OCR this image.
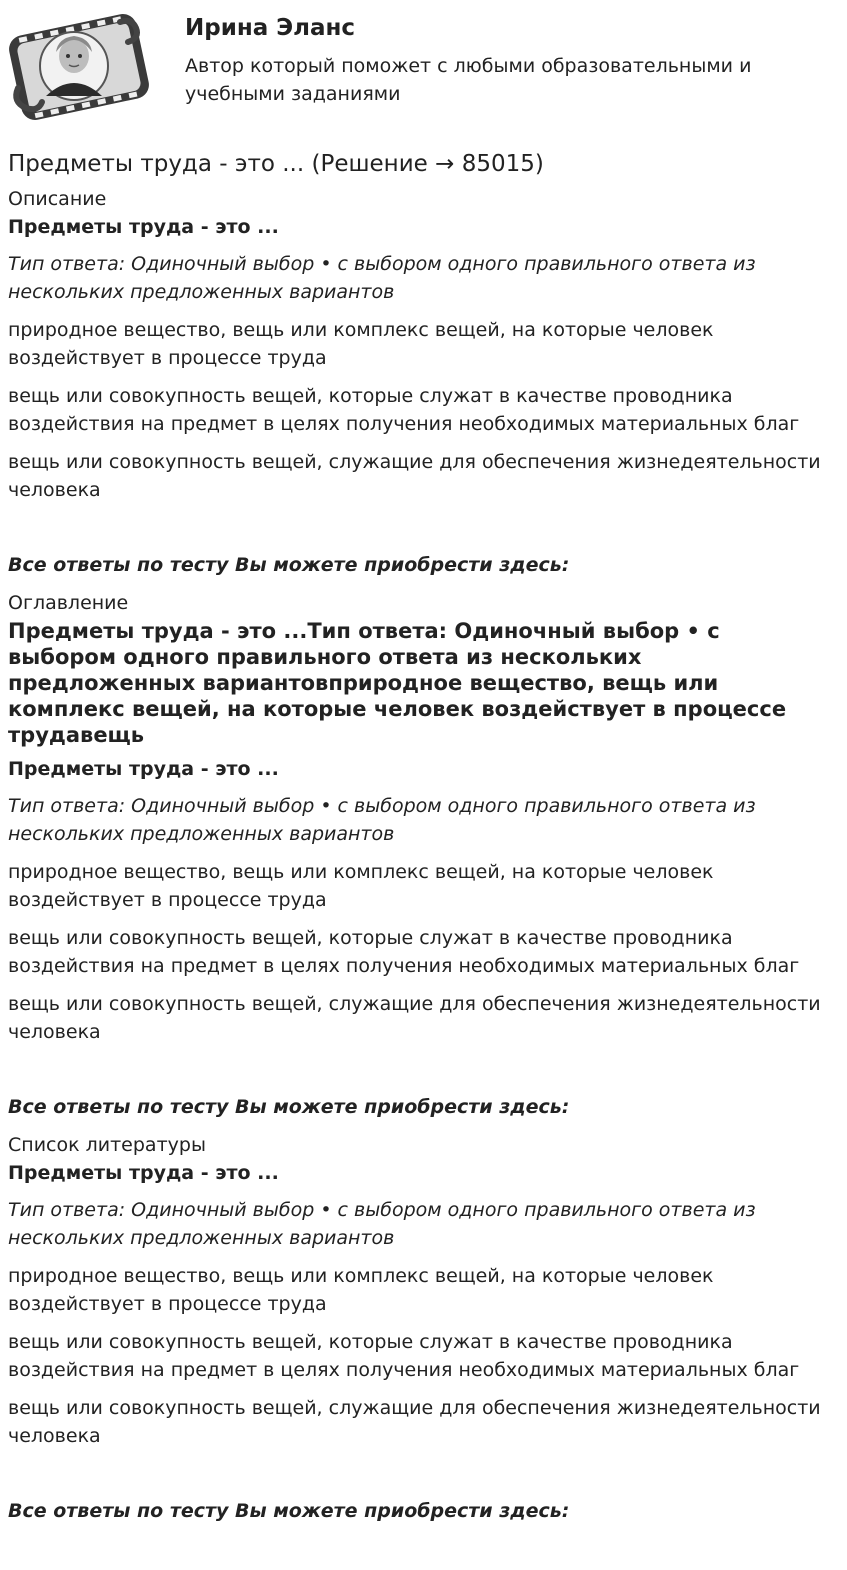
Ирина Эланс
Автор который поможет с любыми образовательными и учебными заданиями
Предметы труда - это ... (Решение → 85015)

Описание

Предметы труда - это ...

Тип ответа: Одиночный выбор • с выбором одного правильного ответа из нескольких предложенных вариантов

природное вещество, вещь или комплекс вещей, на которые человек воздействует в процессе труда

вещь или совокупность вещей, которые служат в качестве проводника воздействия на предмет в целях получения необходимых материальных благ

вещь или совокупность вещей, служащие для обеспечения жизнедеятельности человека

Все ответы по тесту Вы можете приобрести здесь:

Оглавление

Предметы труда - это ...Тип ответа: Одиночный выбор • с выбором одного правильного ответа из нескольких предложенных вариантовприродное вещество, вещь или комплекс вещей, на которые человек воздействует в процессе трудавещь

Предметы труда - это ...

Тип ответа: Одиночный выбор • с выбором одного правильного ответа из нескольких предложенных вариантов

природное вещество, вещь или комплекс вещей, на которые человек воздействует в процессе труда

вещь или совокупность вещей, которые служат в качестве проводника воздействия на предмет в целях получения необходимых материальных благ

вещь или совокупность вещей, служащие для обеспечения жизнедеятельности человека

Все ответы по тесту Вы можете приобрести здесь:

Список литературы

Предметы труда - это ...

Тип ответа: Одиночный выбор • с выбором одного правильного ответа из нескольких предложенных вариантов

природное вещество, вещь или комплекс вещей, на которые человек воздействует в процессе труда

вещь или совокупность вещей, которые служат в качестве проводника воздействия на предмет в целях получения необходимых материальных благ

вещь или совокупность вещей, служащие для обеспечения жизнедеятельности человека

Все ответы по тесту Вы можете приобрести здесь:
